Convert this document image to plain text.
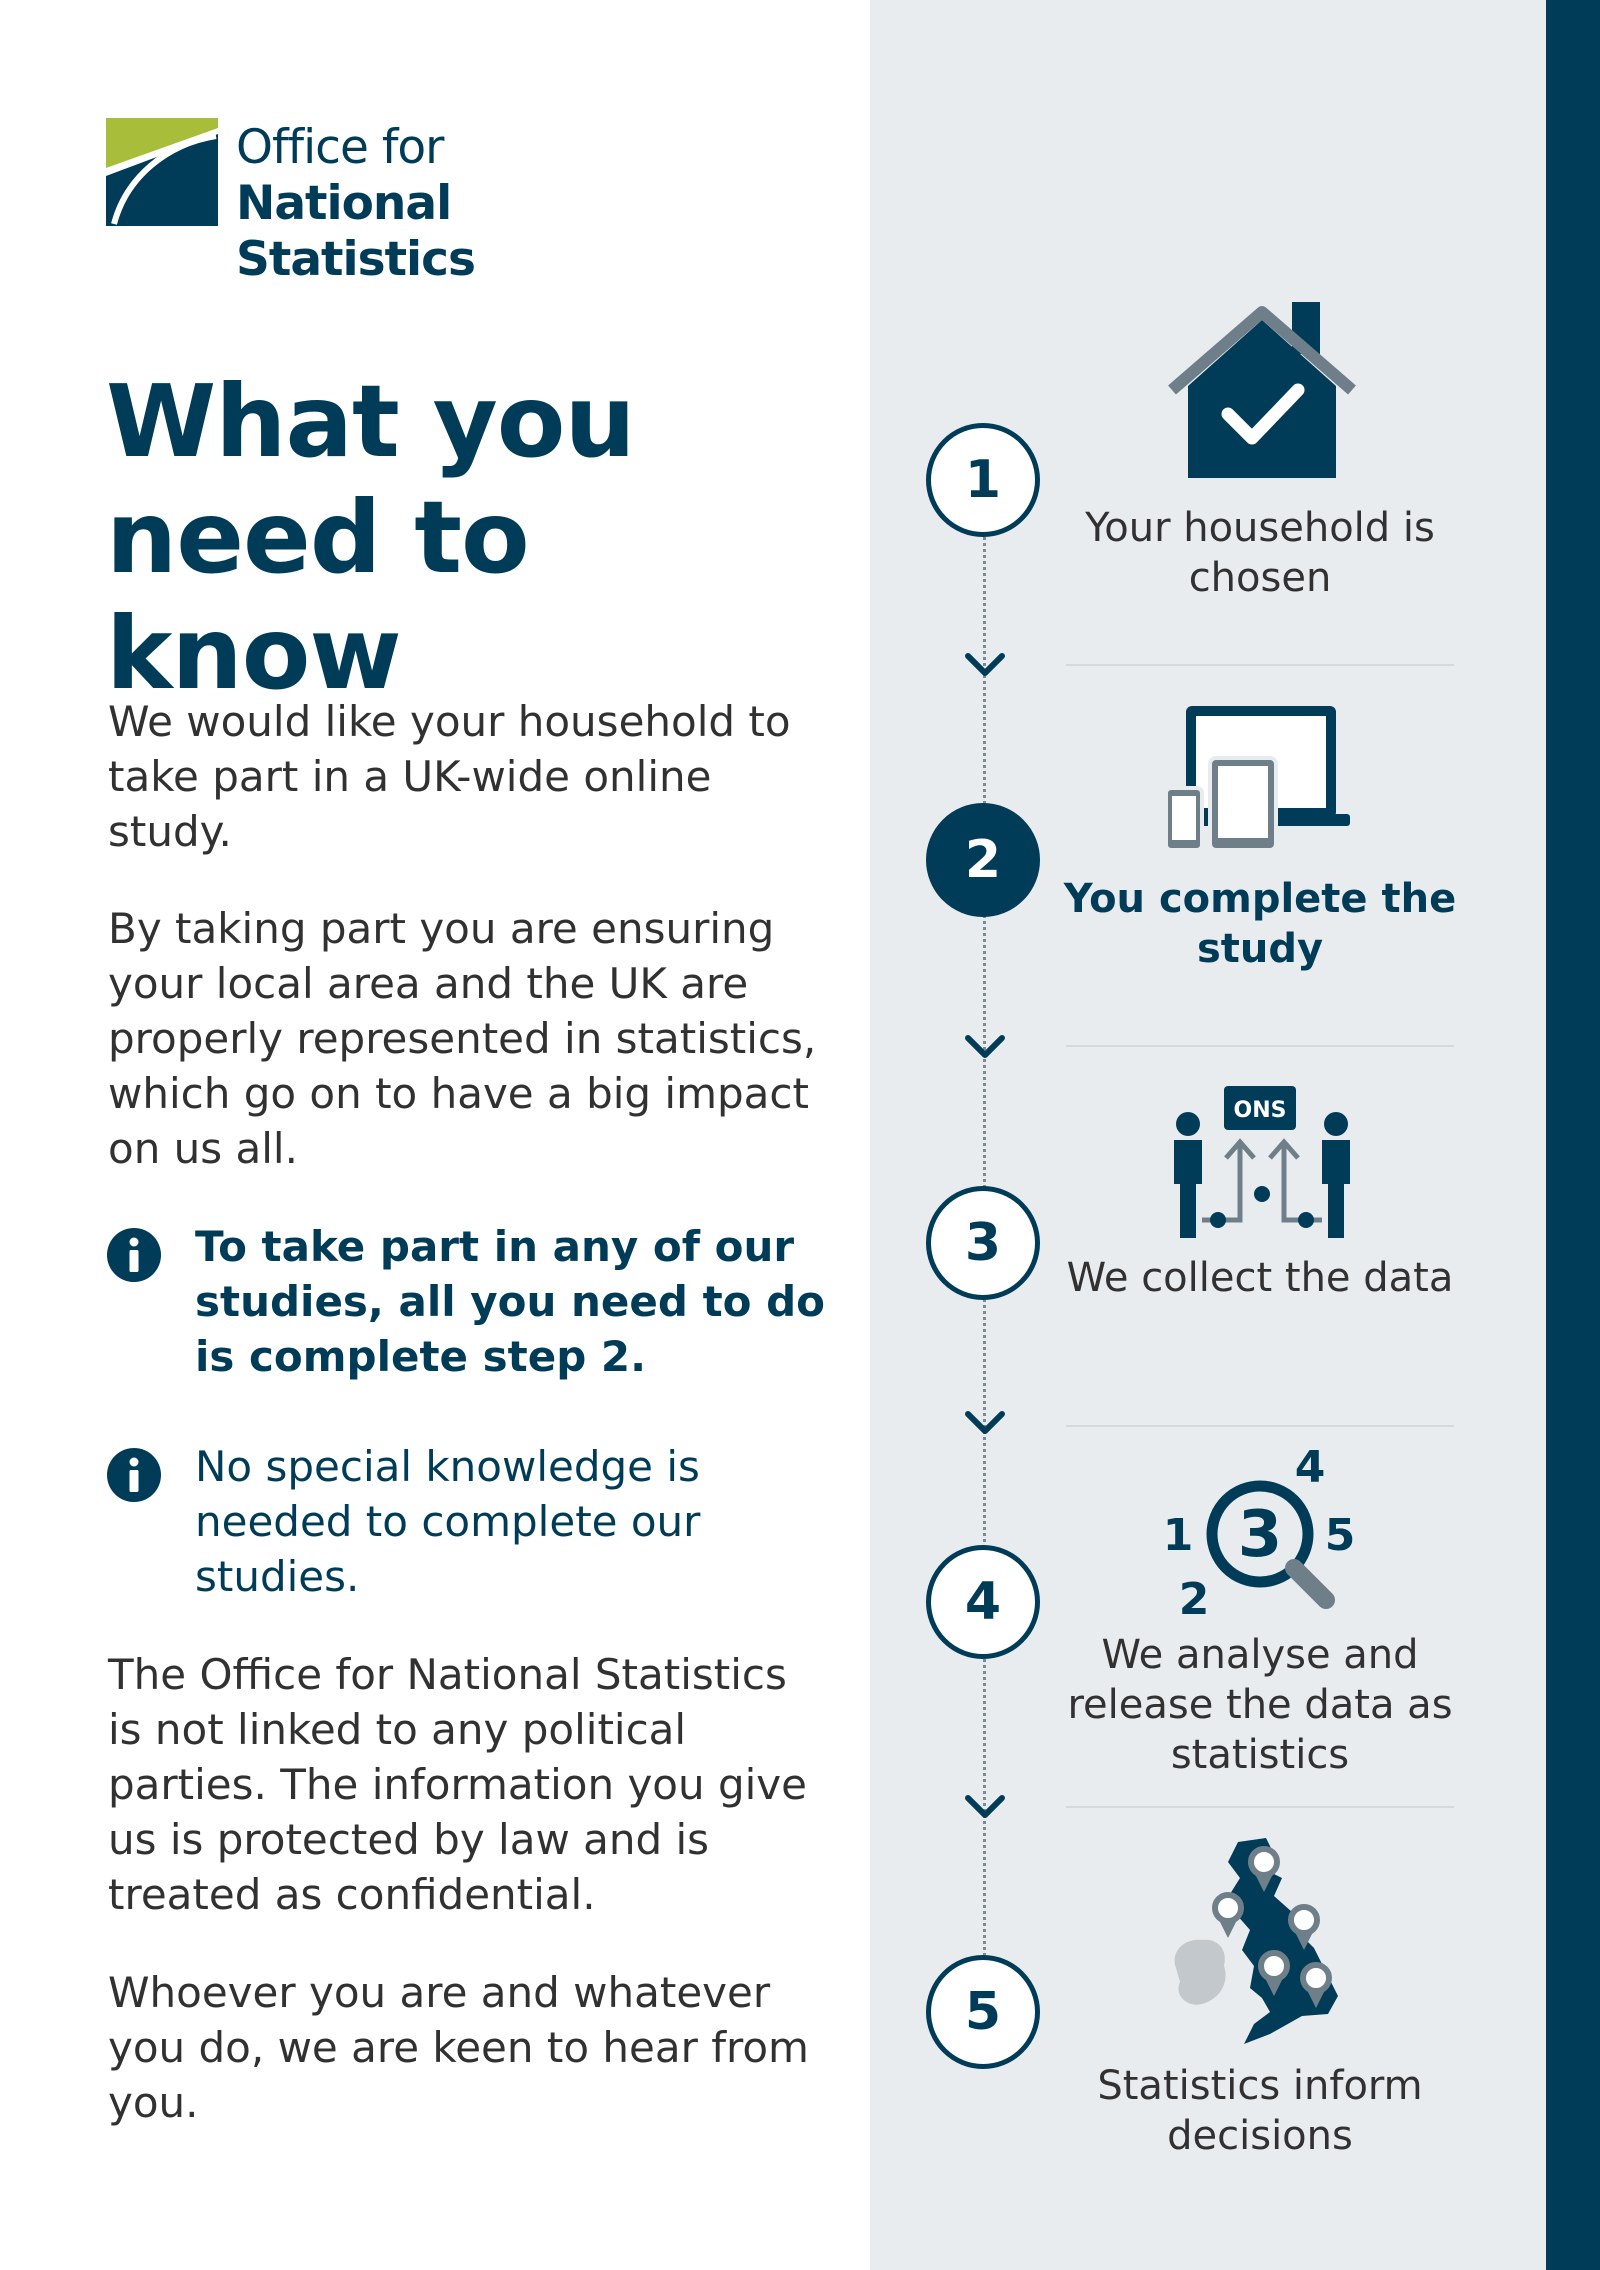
Office for
National Statistics
What you
need to know

We would like your household to take part in a UK-wide online study.

By taking part you are ensuring your local area and the UK are properly represented in statistics, which go on to have a big impact on us all.

To take part in any of our studies, all you need to do is complete step 2.
No special knowledge is needed to complete our studies.

The Office for National Statistics is not linked to any political parties. The information you give us is protected by law and is treated as confidential.

Whoever you are and whatever you do, we are keen to hear from you.

1
2
3
4
5
Your household is chosen
You complete the study
ONS
We collect the data
3
1
2
4
5
We analyse and release the data as statistics
Statistics inform decisions
